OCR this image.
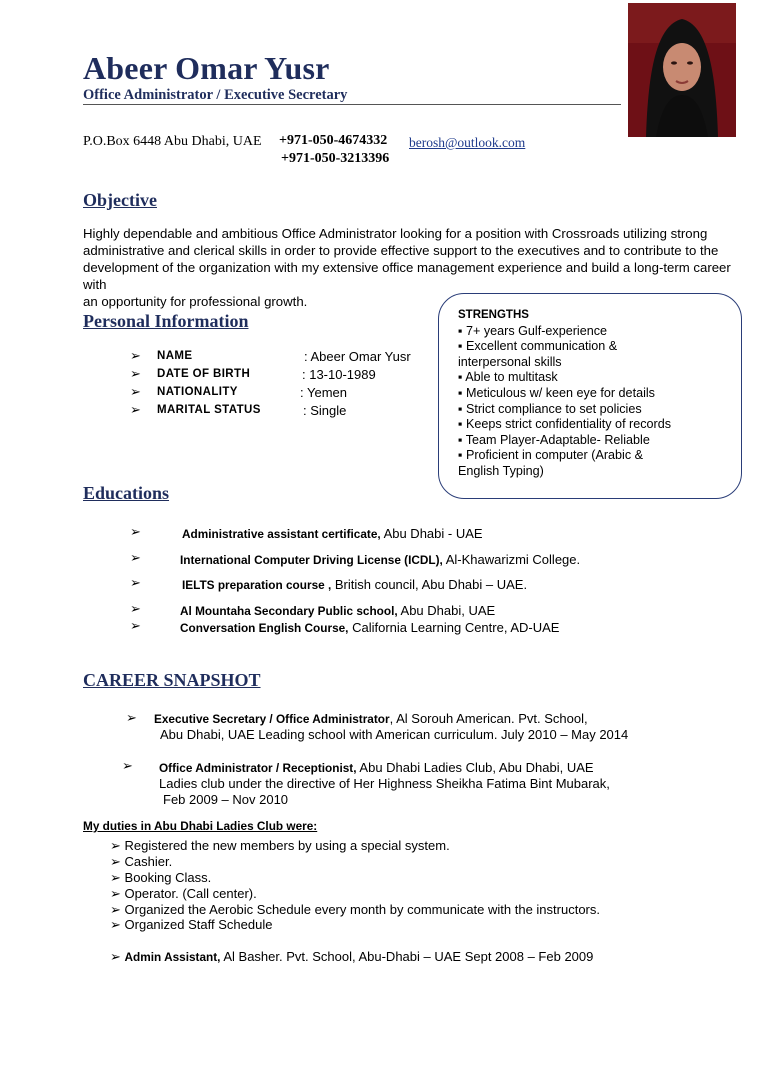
Abeer Omar Yusr
Office Administrator / Executive Secretary
P.O.Box 6448 Abu Dhabi, UAE +971-050-4674332 berosh@outlook.com
+971-050-3213396
Objective
Highly dependable and ambitious Office Administrator looking for a position with Crossroads utilizing strong
administrative and clerical skills in order to provide effective support to the executives and to contribute to the
development of the organization with my extensive office management experience and build a long-term career with
an opportunity for professional growth.
STRENGTHS
▪ 7+ years Gulf-experience
▪ Excellent communication &
interpersonal skills
▪ Able to multitask
▪ Meticulous w/ keen eye for details
▪ Strict compliance to set policies
▪ Keeps strict confidentiality of records
▪ Team Player-Adaptable- Reliable
▪ Proficient in computer (Arabic &
English Typing)
Personal Information
➢ NAME	: Abeer Omar Yusr
➢ DATE OF BIRTH	: 13-10-1989
➢ NATIONALITY	: Yemen
➢ MARITAL STATUS	: Single
Educations
➢	Administrative assistant certificate, Abu Dhabi - UAE
➢	International Computer Driving License (ICDL), Al-Khawarizmi College.
➢	IELTS preparation course , British council, Abu Dhabi – UAE.
➢	Al Mountaha Secondary Public school, Abu Dhabi, UAE
➢	Conversation English Course, California Learning Centre, AD-UAE
CAREER SNAPSHOT
➢ Executive Secretary / Office Administrator, Al Sorouh American. Pvt. School,
Abu Dhabi, UAE Leading school with American curriculum. July 2010 – May 2014
➢ Office Administrator / Receptionist, Abu Dhabi Ladies Club, Abu Dhabi, UAE
Ladies club under the directive of Her Highness Sheikha Fatima Bint Mubarak,
Feb 2009 – Nov 2010
My duties in Abu Dhabi Ladies Club were:
➢ Registered the new members by using a special system.
➢ Cashier.
➢ Booking Class.
➢ Operator. (Call center).
➢ Organized the Aerobic Schedule every month by communicate with the instructors.
➢ Organized Staff Schedule
➢ Admin Assistant, Al Basher. Pvt. School, Abu-Dhabi – UAE Sept 2008 – Feb 2009
